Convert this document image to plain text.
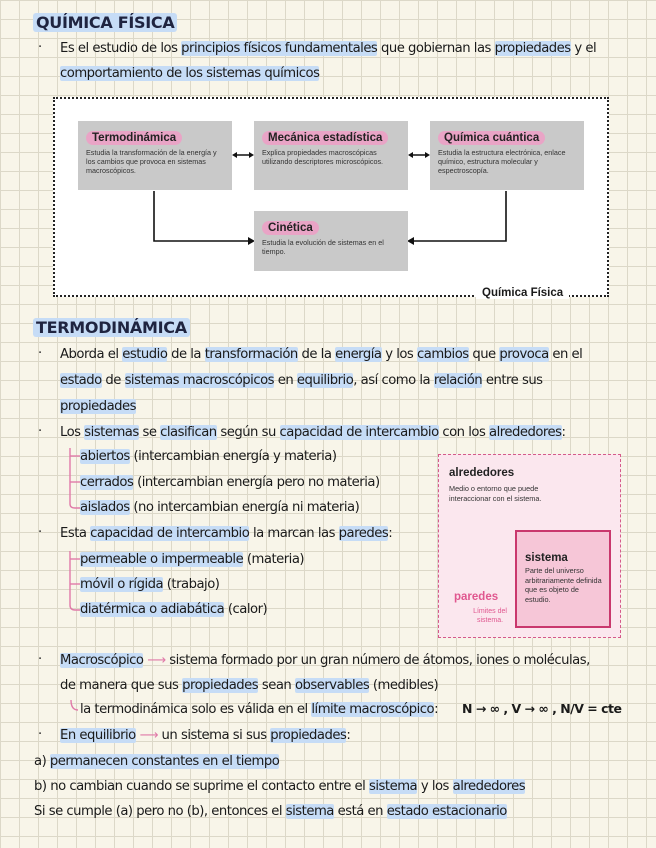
QUÍMICA FÍSICA
· Es el estudio de los principios físicos fundamentales que gobiernan las propiedades y el
comportamiento de los sistemas químicos
Termodinámica
Estudia la transformación de la energía y los cambios que provoca en sistemas macroscópicos.
Mecánica estadística
Explica propiedades macroscópicas utilizando descriptores microscópicos.
Química cuántica
Estudia la estructura electrónica, enlace químico, estructura molecular y espectroscopía.
Cinética
Estudia la evolución de sistemas en el tiempo.
Química Física
TERMODINÁMICA
· Aborda el estudio de la transformación de la energía y los cambios que provoca en el
estado de sistemas macroscópicos en equilibrio, así como la relación entre sus
propiedades
· Los sistemas se clasifican según su capacidad de intercambio con los alrededores:
abiertos (intercambian energía y materia)
cerrados (intercambian energía pero no materia)
aislados (no intercambian energía ni materia)
· Esta capacidad de intercambio la marcan las paredes:
permeable o impermeable (materia)
móvil o rígida (trabajo)
diatérmica o adiabática (calor)
alrededores
Medio o entorno que puede interaccionar con el sistema.
paredes
Límites del sistema.
sistema
Parte del universo arbitrariamente definida que es objeto de estudio.
· Macroscópico ⟶ sistema formado por un gran número de átomos, iones o moléculas,
de manera que sus propiedades sean observables (medibles)
la termodinámica solo es válida en el límite macroscópico: N → ∞ , V → ∞ , N/V = cte
· En equilibrio ⟶ un sistema si sus propiedades:
a) permanecen constantes en el tiempo
b) no cambian cuando se suprime el contacto entre el sistema y los alrededores
Si se cumple (a) pero no (b), entonces el sistema está en estado estacionario
